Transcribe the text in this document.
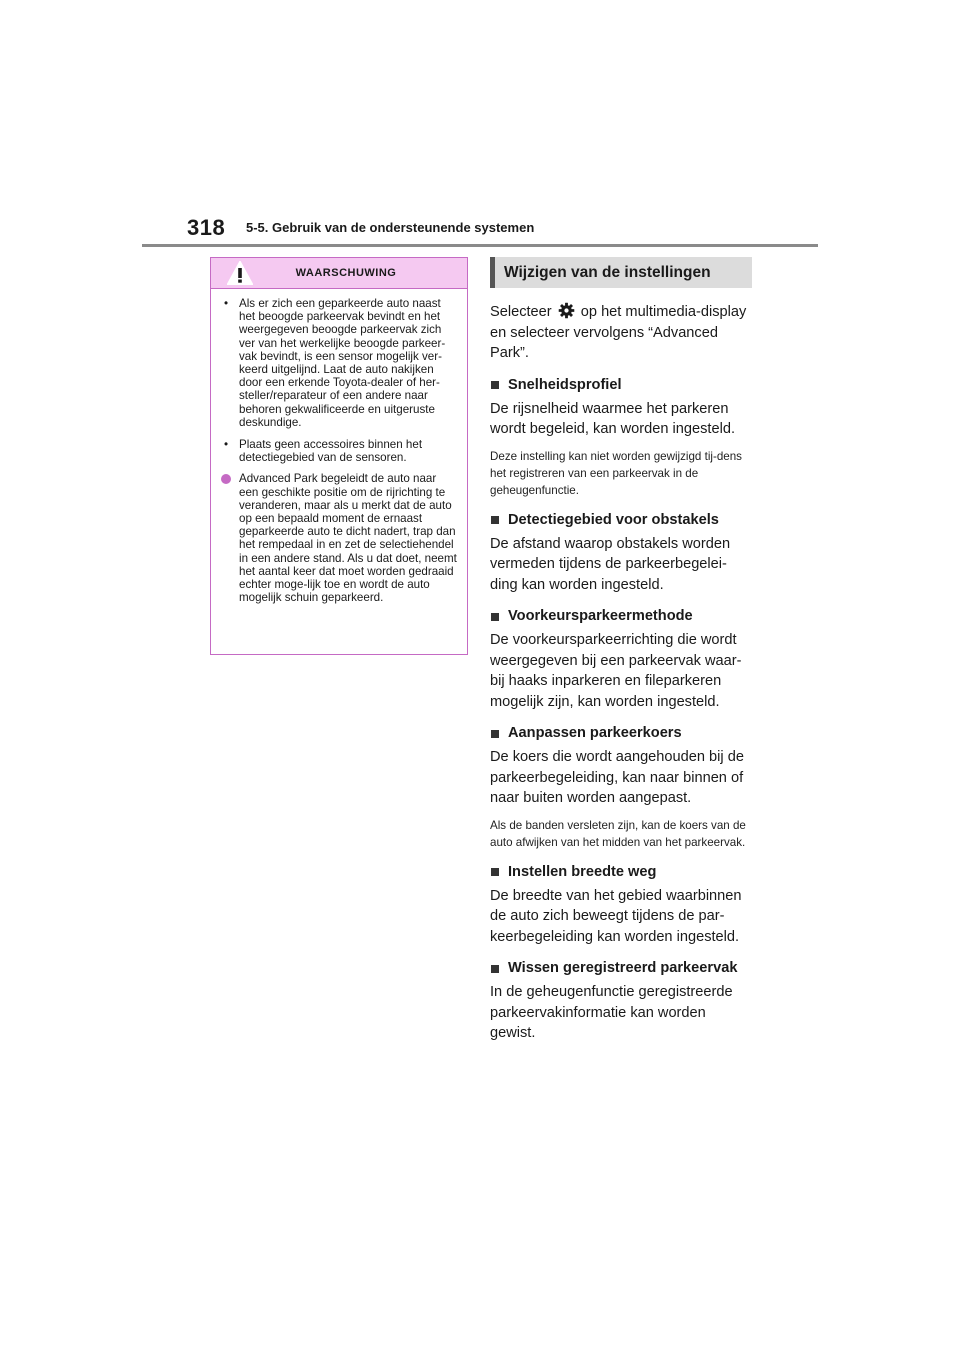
318 5-5. Gebruik van de ondersteunende systemen
WAARSCHUWING
• Als er zich een geparkeerde auto naast het beoogde parkeervak bevindt en het weergegeven beoogde parkeervak zich ver van het werkelijke beoogde parkeer-vak bevindt, is een sensor mogelijk ver-keerd uitgelijnd. Laat de auto nakijken door een erkende Toyota-dealer of her-steller/reparateur of een andere naar behoren gekwalificeerde en uitgeruste deskundige.
• Plaats geen accessoires binnen het detectiegebied van de sensoren.
Advanced Park begeleidt de auto naar een geschikte positie om de rijrichting te veranderen, maar als u merkt dat de auto op een bepaald moment de ernaast geparkeerde auto te dicht nadert, trap dan het rempedaal in en zet de selectiehendel in een andere stand. Als u dat doet, neemt het aantal keer dat moet worden gedraaid echter moge-lijk toe en wordt de auto mogelijk schuin geparkeerd.
Wijzigen van de instellingen

Selecteer op het multimedia-display en selecteer vervolgens “Advanced Park”.

Snelheidsprofiel

De rijsnelheid waarmee het parkeren wordt begeleid, kan worden ingesteld.

Deze instelling kan niet worden gewijzigd tij-dens het registreren van een parkeervak in de geheugenfunctie.
Detectiegebied voor obstakels

De afstand waarop obstakels worden vermeden tijdens de parkeerbegelei-ding kan worden ingesteld.

Voorkeursparkeermethode

De voorkeursparkeerrichting die wordt weergegeven bij een parkeervak waar-bij haaks inparkeren en fileparkeren mogelijk zijn, kan worden ingesteld.

Aanpassen parkeerkoers

De koers die wordt aangehouden bij de parkeerbegeleiding, kan naar binnen of naar buiten worden aangepast.

Als de banden versleten zijn, kan de koers van de auto afwijken van het midden van het parkeervak.
Instellen breedte weg

De breedte van het gebied waarbinnen de auto zich beweegt tijdens de par-keerbegeleiding kan worden ingesteld.

Wissen geregistreerd parkeervak

In de geheugenfunctie geregistreerde parkeervakinformatie kan worden gewist.
